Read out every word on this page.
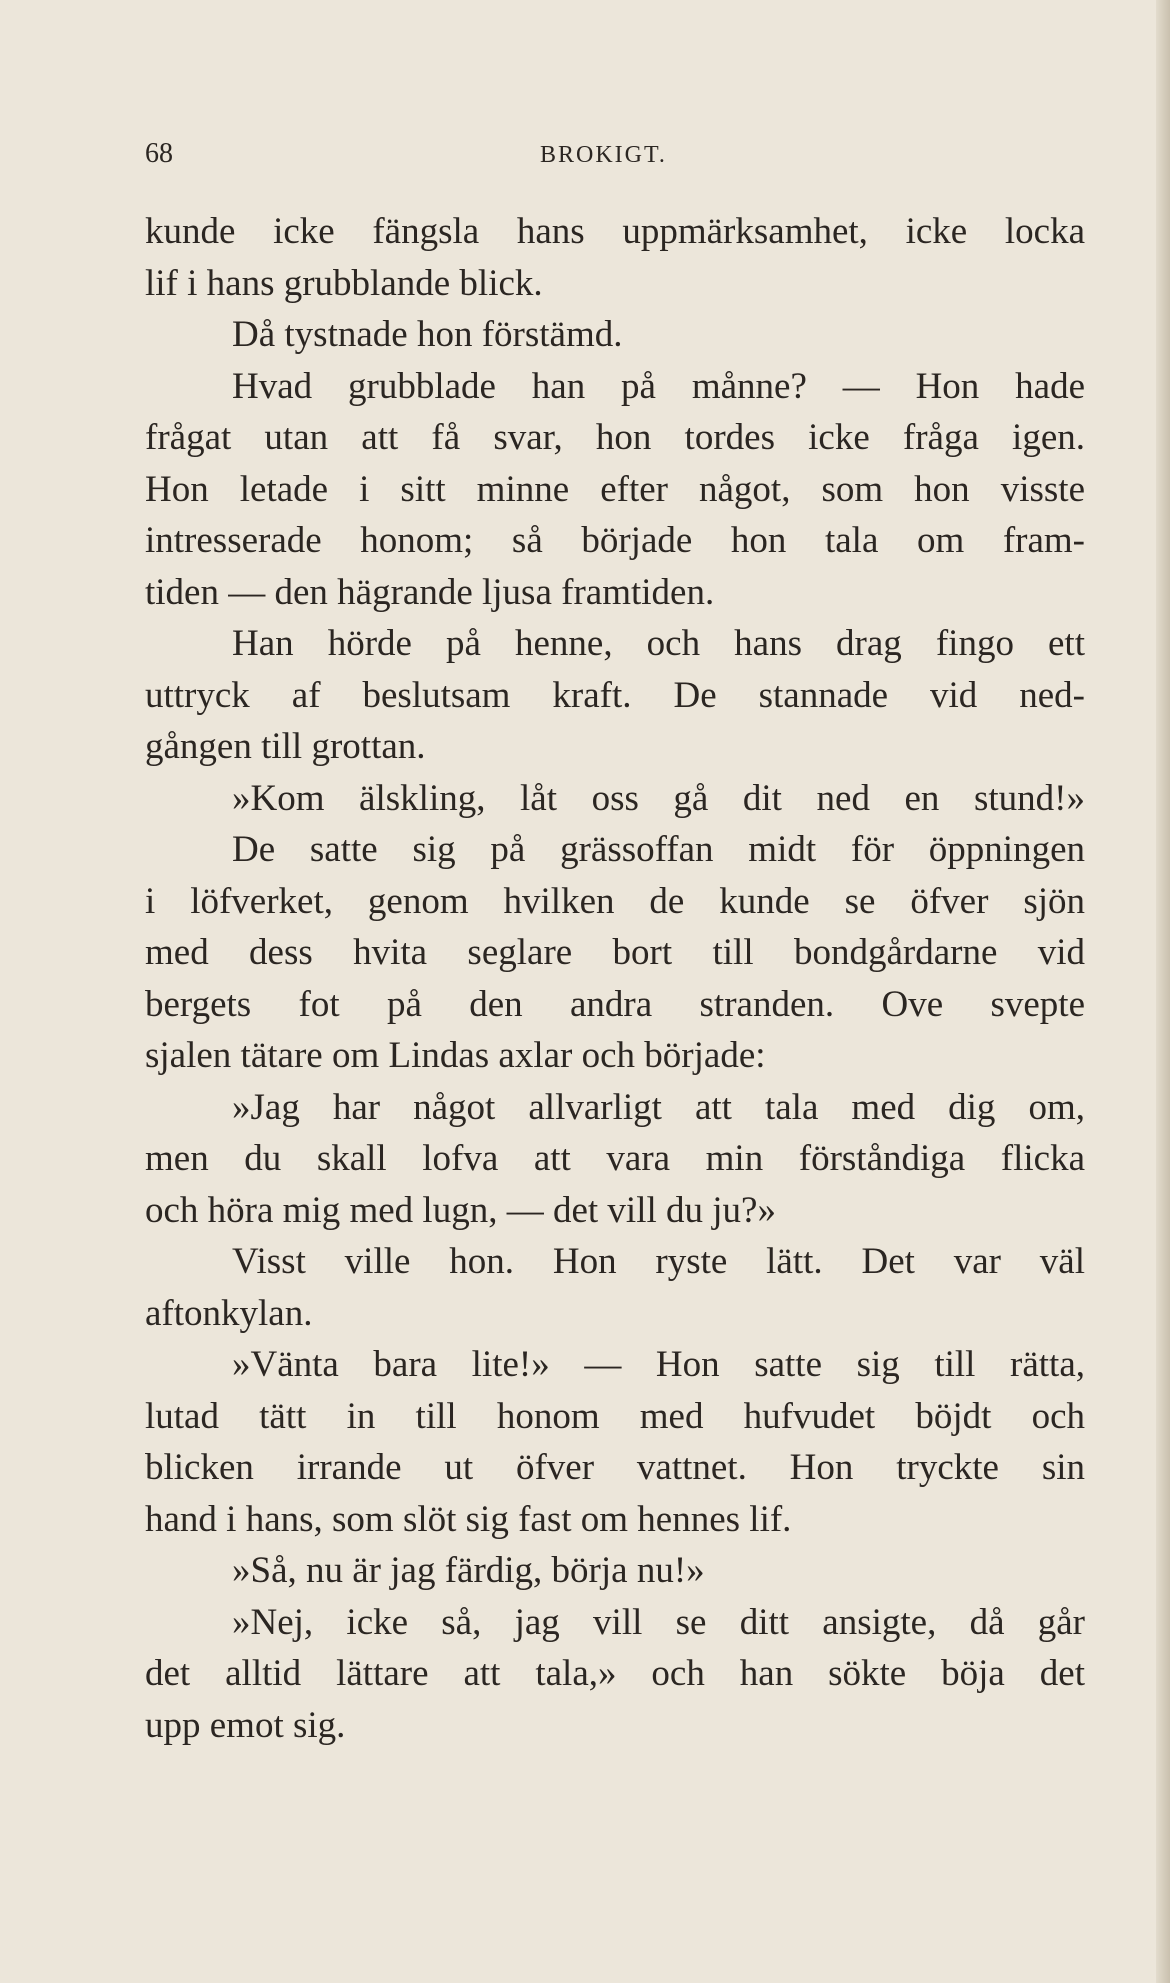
68	BROKIGT.
kunde icke fängsla hans uppmärksamhet, icke locka
lif i hans grubblande blick.
Då tystnade hon förstämd.
Hvad grubblade han på månne? — Hon hade
frågat utan att få svar, hon tordes icke fråga igen.
Hon letade i sitt minne efter något, som hon visste
intresserade honom; så började hon tala om fram-
tiden — den hägrande ljusa framtiden.
Han hörde på henne, och hans drag fingo ett
uttryck af beslutsam kraft. De stannade vid ned-
gången till grottan.
»Kom älskling, låt oss gå dit ned en stund!»
De satte sig på grässoffan midt för öppningen
i löfverket, genom hvilken de kunde se öfver sjön
med dess hvita seglare bort till bondgårdarne vid
bergets fot på den andra stranden. Ove svepte
sjalen tätare om Lindas axlar och började:
»Jag har något allvarligt att tala med dig om,
men du skall lofva att vara min förståndiga flicka
och höra mig med lugn, — det vill du ju?»
Visst ville hon. Hon ryste lätt. Det var väl
aftonkylan.
»Vänta bara lite!» — Hon satte sig till rätta,
lutad tätt in till honom med hufvudet böjdt och
blicken irrande ut öfver vattnet. Hon tryckte sin
hand i hans, som slöt sig fast om hennes lif.
»Så, nu är jag färdig, börja nu!»
»Nej, icke så, jag vill se ditt ansigte, då går
det alltid lättare att tala,» och han sökte böja det
upp emot sig.
